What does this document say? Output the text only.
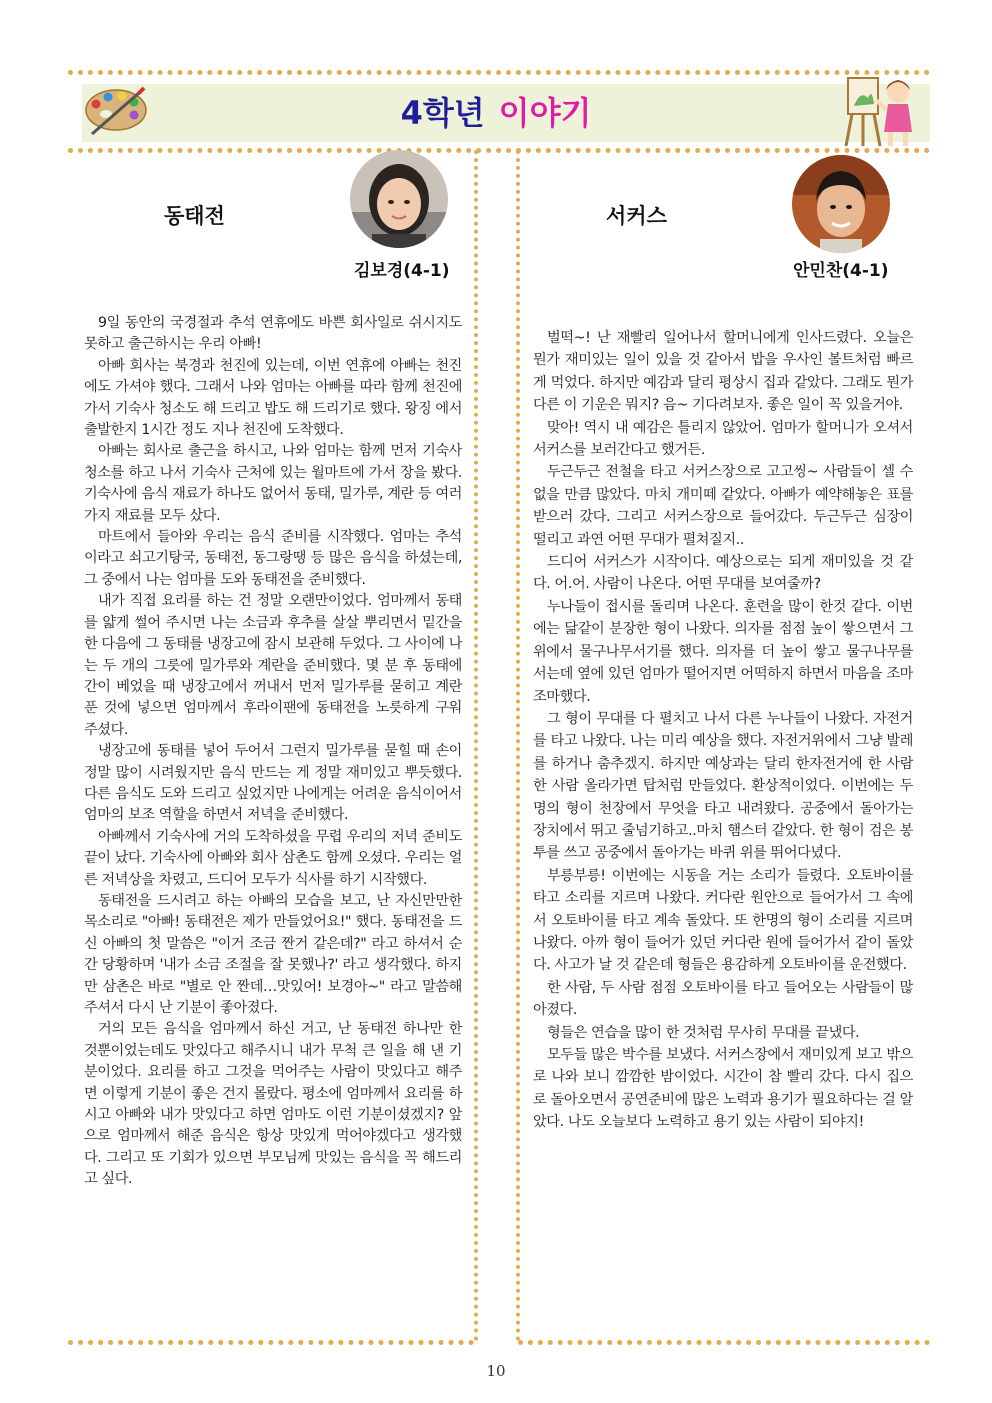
4학년 이야기
동태전
김보경(4-1)
서커스
안민찬(4-1)

9일 동안의 국경절과 추석 연휴에도 바쁜 회사일로 쉬시지도 못하고 출근하시는 우리 아빠!

아빠 회사는 북경과 천진에 있는데, 이번 연휴에 아빠는 천진에도 가셔야 했다. 그래서 나와 엄마는 아빠를 따라 함께 천진에 가서 기숙사 청소도 해 드리고 밥도 해 드리기로 했다. 왕징 에서 출발한지 1시간 정도 지나 천진에 도착했다.

아빠는 회사로 출근을 하시고, 나와 엄마는 함께 먼저 기숙사 청소를 하고 나서 기숙사 근처에 있는 월마트에 가서 장을 봤다. 기숙사에 음식 재료가 하나도 없어서 동태, 밀가루, 계란 등 여러 가지 재료를 모두 샀다.

마트에서 들아와 우리는 음식 준비를 시작했다. 엄마는 추석이라고 쇠고기탕국, 동태전, 동그랑땡 등 많은 음식을 하셨는데, 그 중에서 나는 엄마를 도와 동태전을 준비했다.

내가 직접 요리를 하는 건 정말 오랜만이었다. 엄마께서 동태를 얇게 썰어 주시면 나는 소금과 후추를 살살 뿌리면서 밑간을 한 다음에 그 동태를 냉장고에 잠시 보관해 두었다. 그 사이에 나는 두 개의 그릇에 밀가루와 계란을 준비했다. 몇 분 후 동태에 간이 베었을 때 냉장고에서 꺼내서 먼저 밀가루를 묻히고 계란 푼 것에 넣으면 엄마께서 후라이팬에 동태전을 노릇하게 구워 주셨다.

냉장고에 동태를 넣어 두어서 그런지 밀가루를 묻힐 때 손이 정말 많이 시려웠지만 음식 만드는 게 정말 재미있고 뿌듯했다. 다른 음식도 도와 드리고 싶었지만 나에게는 어려운 음식이어서 엄마의 보조 역할을 하면서 저녁을 준비했다.

아빠께서 기숙사에 거의 도착하셨을 무렵 우리의 저녁 준비도 끝이 났다. 기숙사에 아빠와 회사 삼촌도 함께 오셨다. 우리는 얼른 저녁상을 차렸고, 드디어 모두가 식사를 하기 시작했다.

동태전을 드시려고 하는 아빠의 모습을 보고, 난 자신만만한 목소리로 "아빠! 동태전은 제가 만들었어요!" 했다. 동태전을 드신 아빠의 첫 말씀은 "이거 조금 짠거 같은데?" 라고 하셔서 순간 당황하며 '내가 소금 조절을 잘 못했나?' 라고 생각했다. 하지만 삼촌은 바로 "별로 안 짠데…맛있어! 보경아~" 라고 말씀해 주셔서 다시 난 기분이 좋아졌다.

거의 모든 음식을 엄마께서 하신 거고, 난 동태전 하나만 한 것뿐이었는데도 맛있다고 해주시니 내가 무척 큰 일을 해 낸 기분이었다. 요리를 하고 그것을 먹어주는 사람이 맛있다고 해주면 이렇게 기분이 좋은 건지 몰랐다. 평소에 엄마께서 요리를 하시고 아빠와 내가 맛있다고 하면 엄마도 이런 기분이셨겠지? 앞으로 엄마께서 해준 음식은 항상 맛있게 먹어야겠다고 생각했다. 그리고 또 기회가 있으면 부모님께 맛있는 음식을 꼭 해드리고 싶다.

벌떡~! 난 재빨리 일어나서 할머니에게 인사드렸다. 오늘은 뭔가 재미있는 일이 있을 것 같아서 밥을 우사인 볼트처럼 빠르게 먹었다. 하지만 예감과 달리 평상시 집과 같았다. 그래도 뭔가 다른 이 기운은 뭐지? 음~ 기다려보자. 좋은 일이 꼭 있을거야.

맞아! 역시 내 예감은 틀리지 않았어. 엄마가 할머니가 오셔서 서커스를 보러간다고 했거든.

두근두근 전철을 타고 서커스장으로 고고씽~ 사람들이 셀 수 없을 만큼 많았다. 마치 개미떼 같았다. 아빠가 예약해놓은 표를 받으러 갔다. 그리고 서커스장으로 들어갔다. 두근두근 심장이 떨리고 과연 어떤 무대가 펼쳐질지..

드디어 서커스가 시작이다. 예상으로는 되게 재미있을 것 같다. 어.어. 사람이 나온다. 어떤 무대를 보여줄까?

누나들이 접시를 돌리며 나온다. 훈련을 많이 한것 같다. 이번에는 닮같이 분장한 형이 나왔다. 의자를 점점 높이 쌓으면서 그 위에서 물구나무서기를 했다. 의자를 더 높이 쌓고 물구나무를 서는데 옆에 있던 엄마가 떨어지면 어떡하지 하면서 마음을 조마조마했다.

그 형이 무대를 다 펼치고 나서 다른 누나들이 나왔다. 자전거를 타고 나왔다. 나는 미리 예상을 했다. 자전거위에서 그냥 발레를 하거나 춤추겠지. 하지만 예상과는 달리 한자전거에 한 사람 한 사람 올라가면 탑처럼 만들었다. 환상적이었다. 이번에는 두 명의 형이 천장에서 무엇을 타고 내려왔다. 공중에서 돌아가는 장치에서 뛰고 줄넘기하고..마치 햄스터 같았다. 한 형이 검은 봉투를 쓰고 공중에서 돌아가는 바퀴 위를 뛰어다녔다.

부릉부릉! 이번에는 시동을 거는 소리가 들렸다. 오토바이를 타고 소리를 지르며 나왔다. 커다란 원안으로 들어가서 그 속에서 오토바이를 타고 계속 돌았다. 또 한명의 형이 소리를 지르며 나왔다. 아까 형이 들어가 있던 커다란 원에 들어가서 같이 돌았다. 사고가 날 것 같은데 형들은 용감하게 오토바이를 운전했다.

한 사람, 두 사람 점점 오토바이를 타고 들어오는 사람들이 많아졌다.

형들은 연습을 많이 한 것처럼 무사히 무대를 끝냈다.

모두들 많은 박수를 보냈다. 서커스장에서 재미있게 보고 밖으로 나와 보니 깜깜한 밤이었다. 시간이 참 빨리 갔다. 다시 집으로 돌아오면서 공연준비에 많은 노력과 용기가 필요하다는 걸 알았다. 나도 오늘보다 노력하고 용기 있는 사람이 되야지!

10
